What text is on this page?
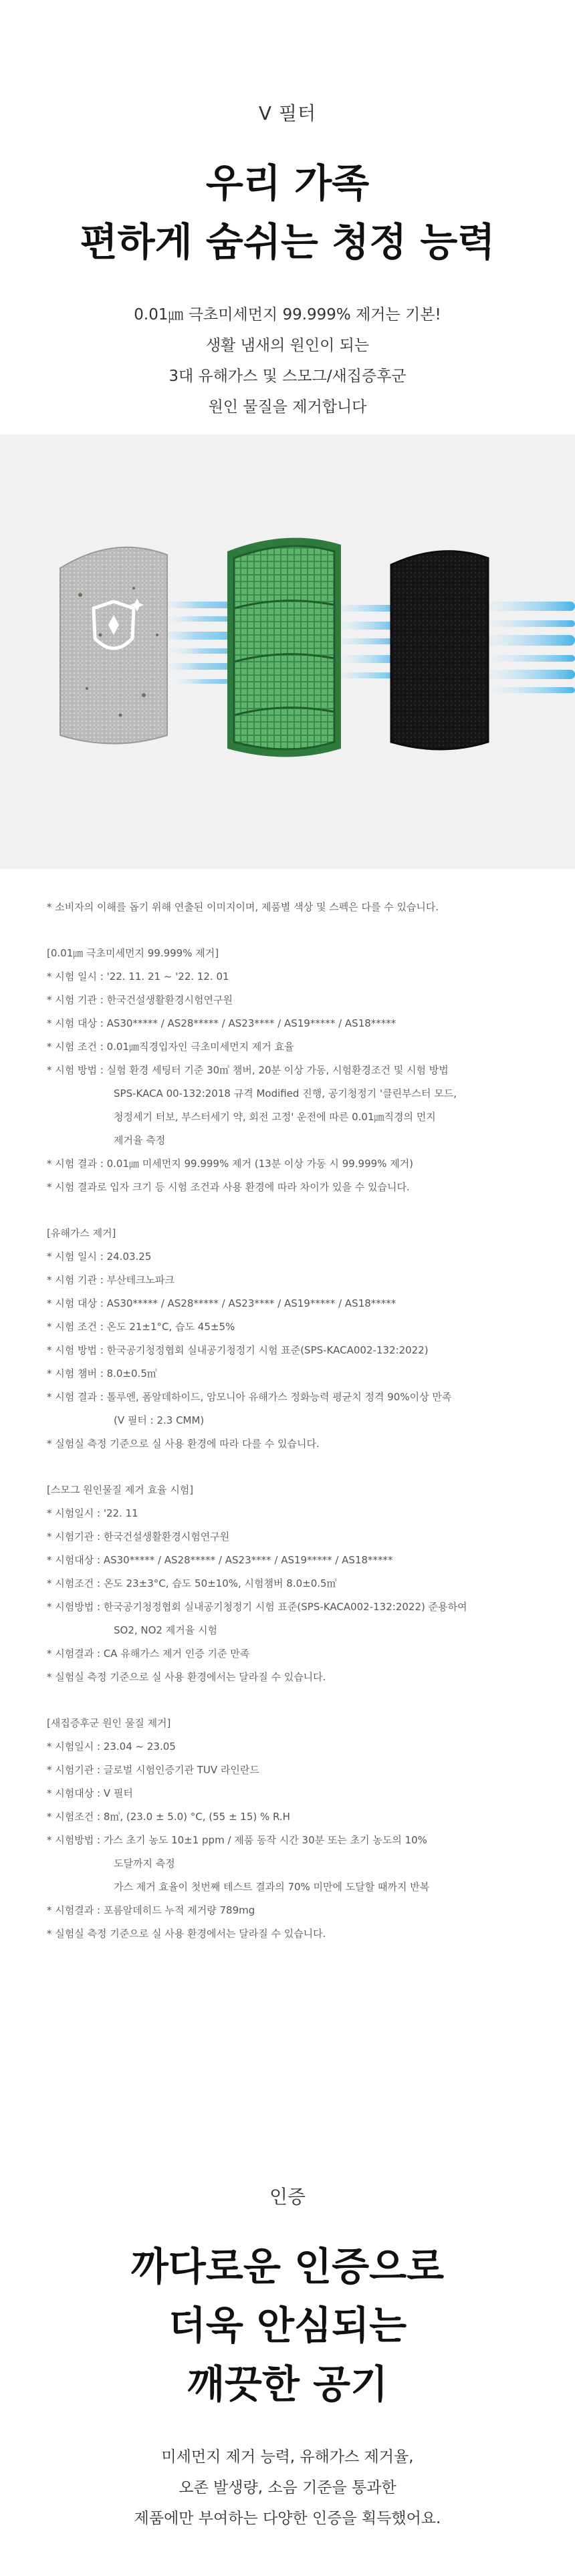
V 필터
우리 가족
편하게 숨쉬는 청정 능력
0.01㎛ 극초미세먼지 99.999% 제거는 기본!
생활 냄새의 원인이 되는
3대 유해가스 및 스모그/새집증후군
원인 물질을 제거합니다
* 소비자의 이해를 돕기 위해 연출된 이미지이며, 제품별 색상 및 스펙은 다를 수 있습니다.
[0.01㎛ 극초미세먼지 99.999% 제거]
* 시험 일시 : '22. 11. 21 ~ '22. 12. 01
* 시험 기관 : 한국건설생활환경시험연구원
* 시험 대상 : AS30***** / AS28***** / AS23**** / AS19***** / AS18*****
* 시험 조건 : 0.01㎛직경입자인 극초미세먼지 제거 효율
* 시험 방법 : 실험 환경 세팅터 기준 30㎥ 챔버, 20분 이상 가동, 시험환경조건 및 시험 방법
SPS-KACA 00-132:2018 규격 Modified 진행, 공기청정기 '클린부스터 모드,
청정세기 터보, 부스터세기 약, 회전 고정' 운전에 따른 0.01㎛직경의 먼지
제거율 측정
* 시험 결과 : 0.01㎛ 미세먼지 99.999% 제거 (13분 이상 가동 시 99.999% 제거)
* 시험 결과로 입자 크기 등 시험 조건과 사용 환경에 따라 차이가 있을 수 있습니다.
[유해가스 제거]
* 시험 일시 : 24.03.25
* 시험 기관 : 부산테크노파크
* 시험 대상 : AS30***** / AS28***** / AS23**** / AS19***** / AS18*****
* 시험 조건 : 온도 21±1°C, 습도 45±5%
* 시험 방법 : 한국공기청정협회 실내공기청정기 시험 표준(SPS-KACA002-132:2022)
* 시험 챔버 : 8.0±0.5㎥
* 시험 결과 : 톨루엔, 폼알데하이드, 암모니아 유해가스 정화능력 평균치 정격 90%이상 만족
(V 필터 : 2.3 CMM)
* 실험실 측정 기준으로 실 사용 환경에 따라 다를 수 있습니다.
[스모그 원인물질 제거 효율 시험]
* 시험일시 : '22. 11
* 시험기관 : 한국건설생활환경시험연구원
* 시험대상 : AS30***** / AS28***** / AS23**** / AS19***** / AS18*****
* 시험조건 : 온도 23±3°C, 습도 50±10%, 시험챔버 8.0±0.5㎥
* 시험방법 : 한국공기청정협회 실내공기청정기 시험 표준(SPS-KACA002-132:2022) 준용하여
SO2, NO2 제거율 시험
* 시험결과 : CA 유해가스 제거 인증 기준 만족
* 실험실 측정 기준으로 실 사용 환경에서는 달라질 수 있습니다.
[새집증후군 원인 물질 제거]
* 시험일시 : 23.04 ~ 23.05
* 시험기관 : 글로벌 시험인증기관 TUV 라인란드
* 시험대상 : V 필터
* 시험조건 : 8㎥, (23.0 ± 5.0) °C, (55 ± 15) % R.H
* 시험방법 : 가스 초기 농도 10±1 ppm / 제품 동작 시간 30분 또는 초기 농도의 10%
도달까지 측정
가스 제거 효율이 첫번째 테스트 결과의 70% 미만에 도달할 때까지 반복
* 시험결과 : 포름알데히드 누적 제거량 789mg
* 실험실 측정 기준으로 실 사용 환경에서는 달라질 수 있습니다.
인증
까다로운 인증으로
더욱 안심되는
깨끗한 공기
미세먼지 제거 능력, 유해가스 제거율,
오존 발생량, 소음 기준을 통과한
제품에만 부여하는 다양한 인증을 획득했어요.
